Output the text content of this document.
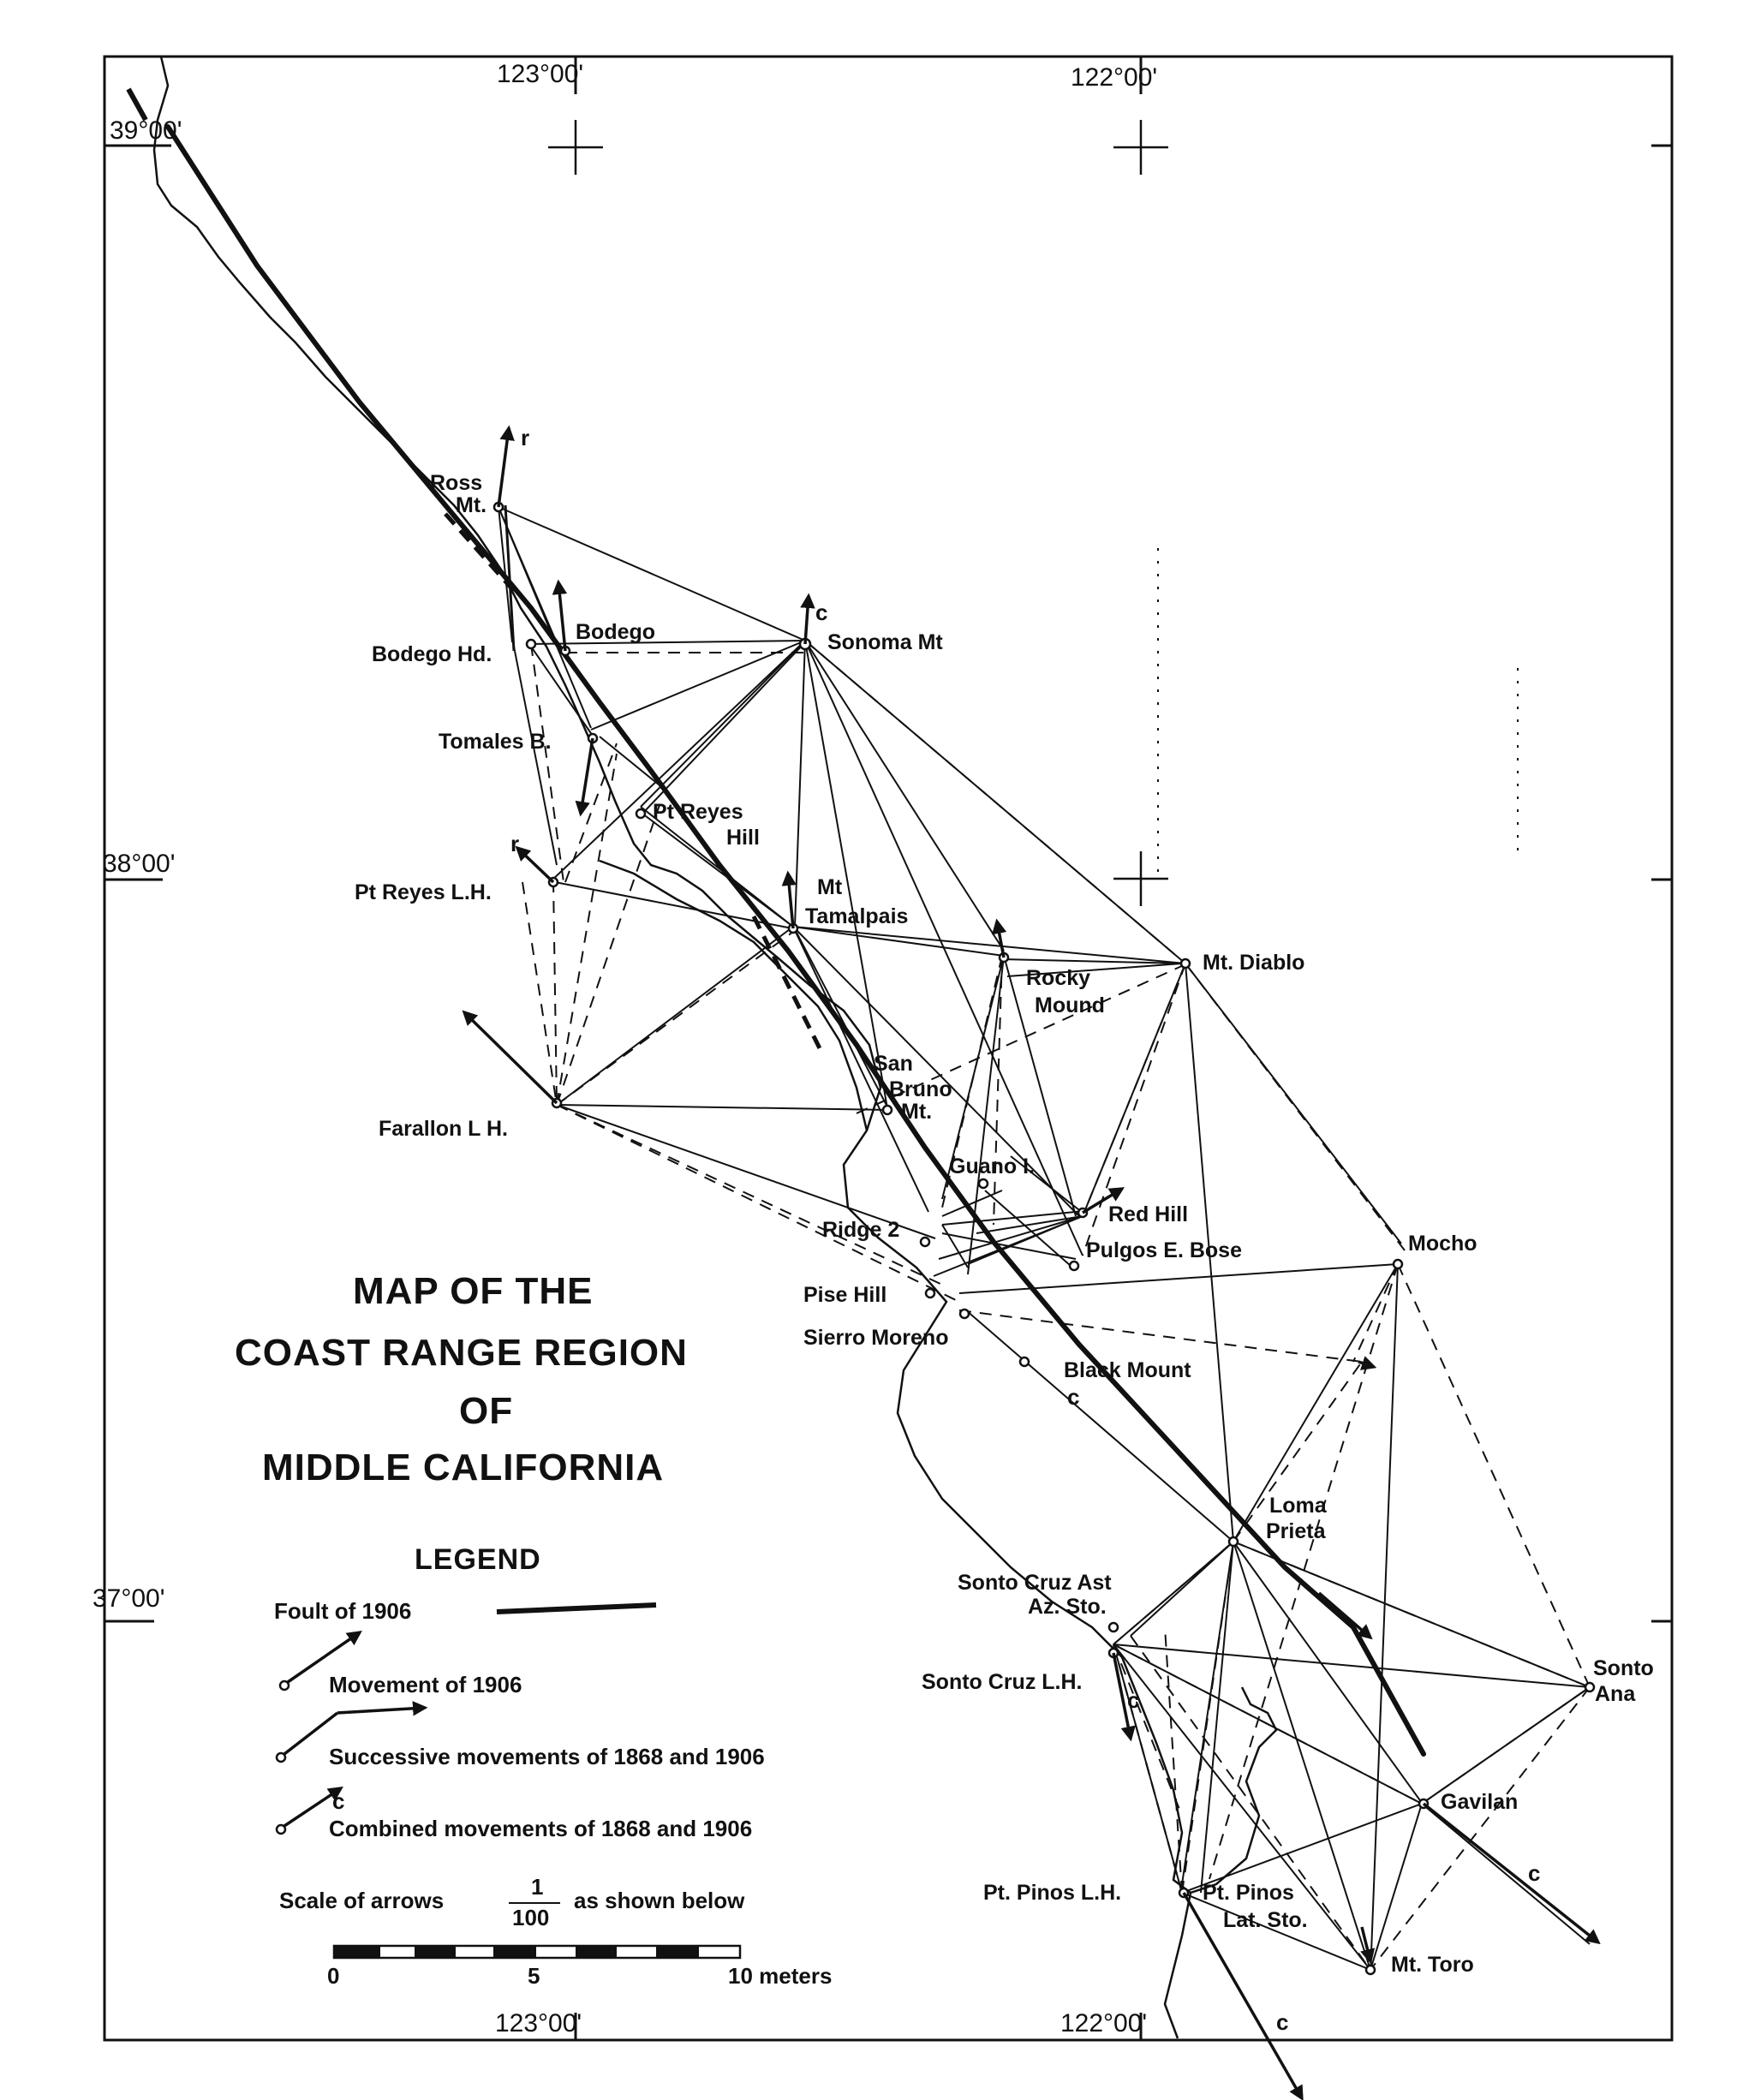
123°00'	122°00'
39°00'
38°00'
37°00'
123°00'	122°00'
c
c
c
c
c
r
r
Ross
Mt.
Bodego
Bodego Hd.	Sonoma Mt
Tomales B.
Pt Reyes
Hill
Pt Reyes L.H.	Mt
Tamalpais
Rocky
Mound
Mt. Diablo
Farallon L H.
San
Bruno
Mt.
Guano I.
Red Hill
Pulgos E. Bose
Ridge 2
Pise Hill
Sierro Moreno
Mocho
Black Mount
Loma
Prieta
Sonto Cruz Ast
Az. Sto.
Sonto Cruz L.H.
Sonto
Ana
Gavilan
Pt. Pinos L.H.	Pt. Pinos
Lat. Sto.
Mt. Toro
MAP OF THE
COAST RANGE REGION
OF
MIDDLE CALIFORNIA
LEGEND
Foult of 1906
Movement of 1906
Successive movements of 1868 and 1906
c
Combined movements of 1868 and 1906
Scale of arrows
1
100
as shown below
0	5	10 meters
